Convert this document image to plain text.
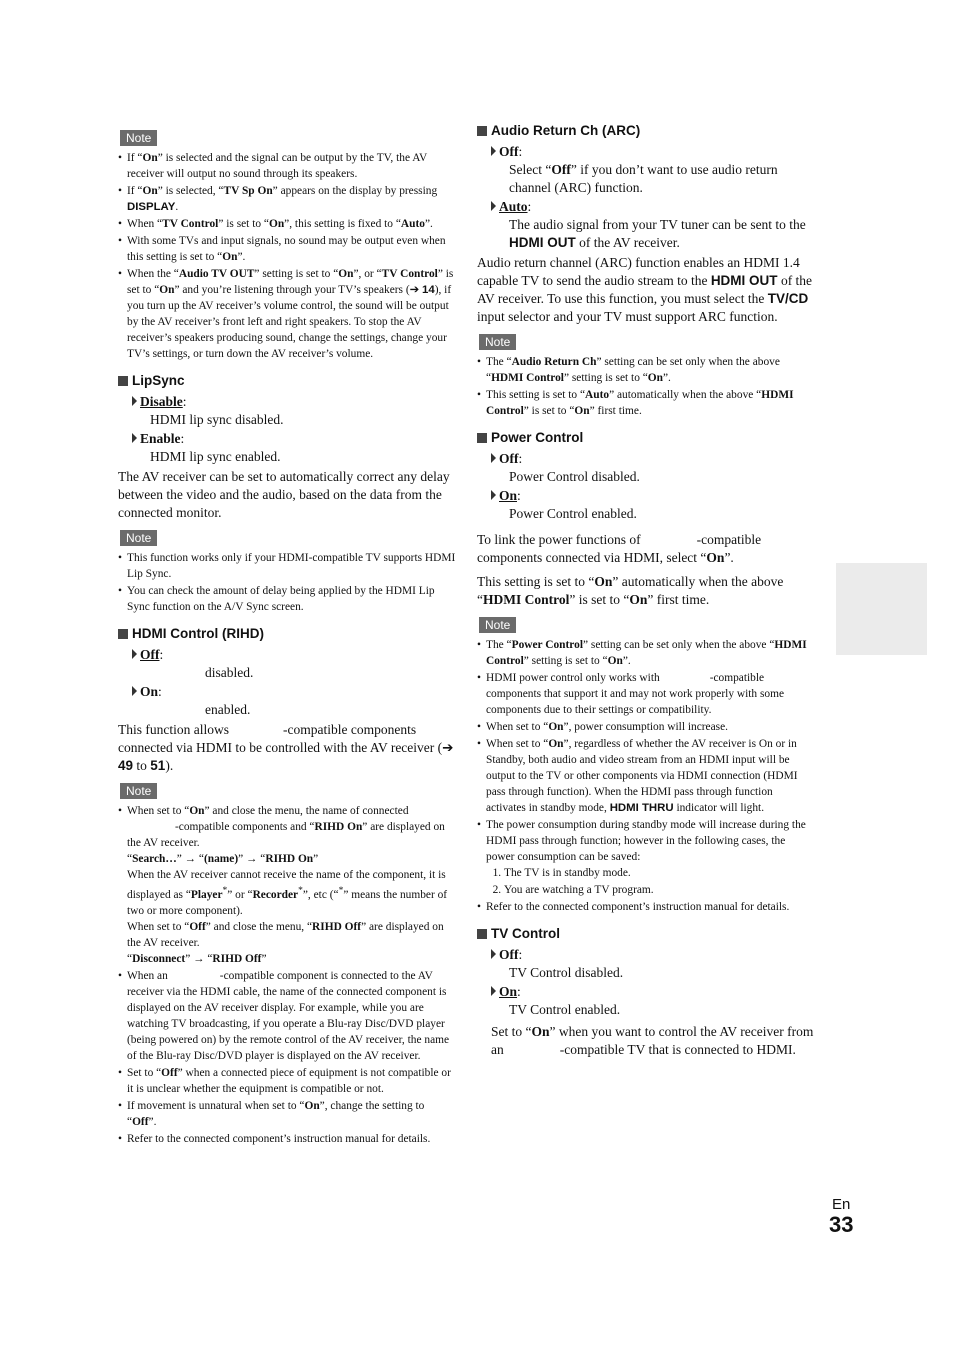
Note
• If “On” is selected and the signal can be output by the TV, the AV receiver will output no sound through its speakers.
• If “On” is selected, “TV Sp On” appears on the display by pressing DISPLAY.
• When “TV Control” is set to “On”, this setting is fixed to “Auto”.
• With some TVs and input signals, no sound may be output even when this setting is set to “On”.
• When the “Audio TV OUT” setting is set to “On”, or “TV Control” is set to “On” and you’re listening through your TV’s speakers (➔ 14), if you turn up the AV receiver’s volume control, the sound will be output by the AV receiver’s front left and right speakers. To stop the AV receiver’s speakers producing sound, change the settings, change your TV’s settings, or turn down the AV receiver’s volume.
LipSync
Disable:
HDMI lip sync disabled.
Enable:
HDMI lip sync enabled.
The AV receiver can be set to automatically correct any delay between the video and the audio, based on the data from the connected monitor.
Note
• This function works only if your HDMI-compatible TV supports HDMI Lip Sync.
• You can check the amount of delay being applied by the HDMI Lip Sync function on the A/V Sync screen.
HDMI Control (RIHD)
Off:
disabled.
On:
enabled.
This function allows	-compatible components connected via HDMI to be controlled with the AV receiver (➔ 49 to 51).
Note
• When set to “On” and close the menu, the name of connected
-compatible components and “RIHD On” are displayed on the AV receiver.
“Search…” → “(name)” → “RIHD On”
When the AV receiver cannot receive the name of the component, it is displayed as “Player*” or “Recorder*”, etc (“*” means the number of two or more component).
When set to “Off” and close the menu, “RIHD Off” are displayed on the AV receiver.
“Disconnect” → “RIHD Off”
• When an	-compatible component is connected to the AV receiver via the HDMI cable, the name of the connected component is displayed on the AV receiver display. For example, while you are watching TV broadcasting, if you operate a Blu-ray Disc/DVD player (being powered on) by the remote control of the AV receiver, the name of the Blu-ray Disc/DVD player is displayed on the AV receiver.
• Set to “Off” when a connected piece of equipment is not compatible or it is unclear whether the equipment is compatible or not.
• If movement is unnatural when set to “On”, change the setting to “Off”.
• Refer to the connected component’s instruction manual for details.
Audio Return Ch (ARC)
Off:
Select “Off” if you don’t want to use audio return channel (ARC) function.
Auto:
The audio signal from your TV tuner can be sent to the HDMI OUT of the AV receiver.
Audio return channel (ARC) function enables an HDMI 1.4 capable TV to send the audio stream to the HDMI OUT of the AV receiver. To use this function, you must select the TV/CD input selector and your TV must support ARC function.
Note
• The “Audio Return Ch” setting can be set only when the above “HDMI Control” setting is set to “On”.
• This setting is set to “Auto” automatically when the above “HDMI Control” is set to “On” first time.
Power Control
Off:
Power Control disabled.
On:
Power Control enabled.
To link the power functions of	-compatible components connected via HDMI, select “On”.
This setting is set to “On” automatically when the above “HDMI Control” is set to “On” first time.
Note
• The “Power Control” setting can be set only when the above “HDMI Control” setting is set to “On”.
• HDMI power control only works with	-compatible components that support it and may not work properly with some components due to their settings or compatibility.
• When set to “On”, power consumption will increase.
• When set to “On”, regardless of whether the AV receiver is On or in Standby, both audio and video stream from an HDMI input will be output to the TV or other components via HDMI connection (HDMI pass through function). When the HDMI pass through function activates in standby mode, HDMI THRU indicator will light.
• The power consumption during standby mode will increase during the HDMI pass through function; however in the following cases, the power consumption can be saved:
1. The TV is in standby mode.
2. You are watching a TV program.
• Refer to the connected component’s instruction manual for details.
TV Control
Off:
TV Control disabled.
On:
TV Control enabled.
Set to “On” when you want to control the AV receiver from an	-compatible TV that is connected to HDMI.
En
33
